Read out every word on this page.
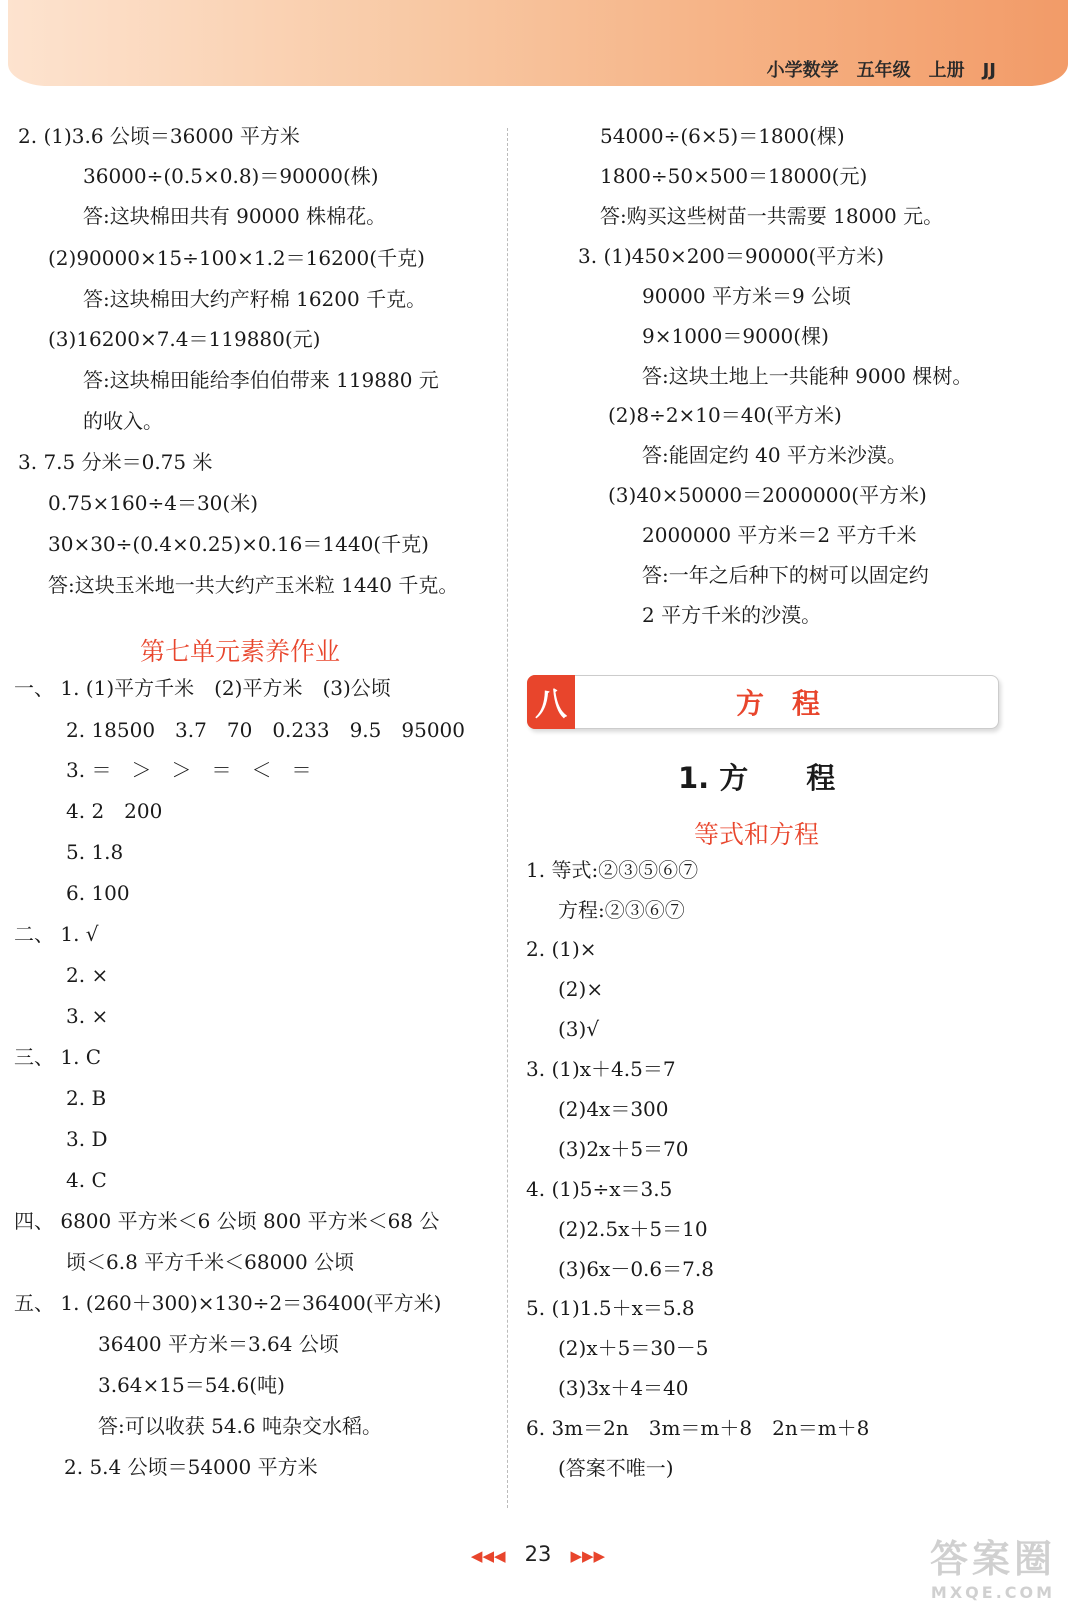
小学数学　五年级　上册　JJ
2. (1)3.6 公顷＝36000 平方米
36000÷(0.5×0.8)＝90000(株)
答:这块棉田共有 90000 株棉花。
(2)90000×15÷100×1.2＝16200(千克)
答:这块棉田大约产籽棉 16200 千克。
(3)16200×7.4＝119880(元)
答:这块棉田能给李伯伯带来 119880 元
的收入。
3. 7.5 分米＝0.75 米
0.75×160÷4＝30(米)
30×30÷(0.4×0.25)×0.16＝1440(千克)
答:这块玉米地一共大约产玉米粒 1440 千克。
第七单元素养作业
一、 1. (1)平方千米　(2)平方米　(3)公顷
2. 18500　3.7　70　0.233　9.5　95000
3. ＝　＞　＞　＝　＜　＝
4. 2　200
5. 1.8
6. 100
二、 1. √
2. ×
3. ×
三、 1. C
2. B
3. D
4. C
四、 6800 平方米＜6 公顷 800 平方米＜68 公
顷＜6.8 平方千米＜68000 公顷
五、 1. (260＋300)×130÷2＝36400(平方米)
36400 平方米＝3.64 公顷
3.64×15＝54.6(吨)
答:可以收获 54.6 吨杂交水稻。
2. 5.4 公顷＝54000 平方米
54000÷(6×5)＝1800(棵)
1800÷50×500＝18000(元)
答:购买这些树苗一共需要 18000 元。
3. (1)450×200＝90000(平方米)
90000 平方米＝9 公顷
9×1000＝9000(棵)
答:这块土地上一共能种 9000 棵树。
(2)8÷2×10＝40(平方米)
答:能固定约 40 平方米沙漠。
(3)40×50000＝2000000(平方米)
2000000 平方米＝2 平方千米
答:一年之后种下的树可以固定约
2 平方千米的沙漠。
八	方程
1. 方　　程
等式和方程
1. 等式:②③⑤⑥⑦
方程:②③⑥⑦
2. (1)×
(2)×
(3)√
3. (1)x＋4.5＝7
(2)4x＝300
(3)2x＋5＝70
4. (1)5÷x＝3.5
(2)2.5x＋5＝10
(3)6x－0.6＝7.8
5. (1)1.5＋x＝5.8
(2)x＋5＝30－5
(3)3x＋4＝40
6. 3m＝2n　3m＝m＋8　2n＝m＋8
(答案不唯一)
◀◀◀ 23 ▶▶▶	答案圈
MXQE.COM
